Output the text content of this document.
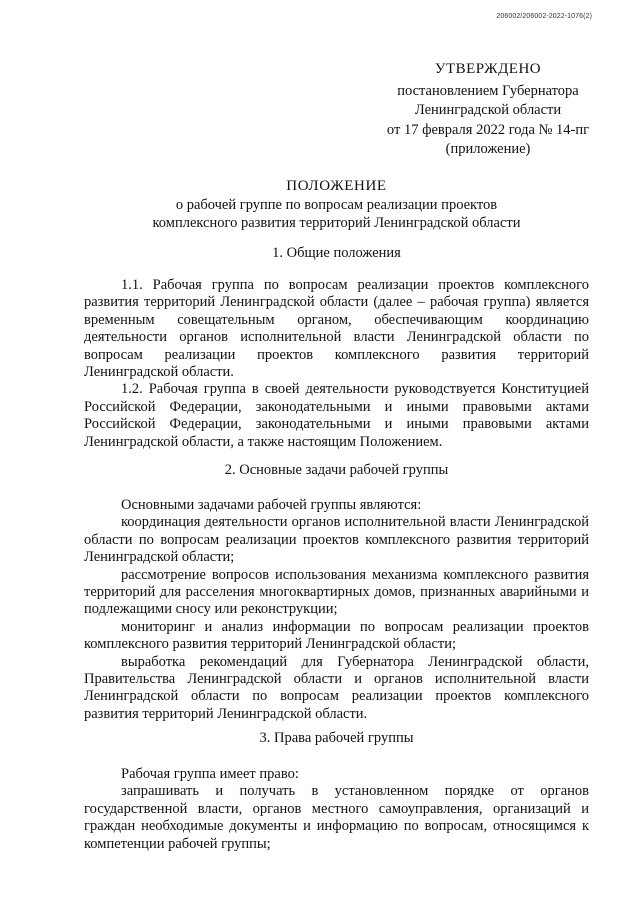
206002/206002-2022-1076(2)
УТВЕРЖДЕНО
постановлением Губернатора
Ленинградской области
от 17 февраля 2022 года № 14-пг
(приложение)
ПОЛОЖЕНИЕ
о рабочей группе по вопросам реализации проектов
комплексного развития территорий Ленинградской области
1. Общие положения

1.1. Рабочая группа по вопросам реализации проектов комплексного развития территорий Ленинградской области (далее – рабочая группа) является временным совещательным органом, обеспечивающим координацию деятельности органов исполнительной власти Ленинградской области по вопросам реализации проектов комплексного развития территорий Ленинградской области.

1.2. Рабочая группа в своей деятельности руководствуется Конституцией Российской Федерации, законодательными и иными правовыми актами Российской Федерации, законодательными и иными правовыми актами Ленинградской области, а также настоящим Положением.

2. Основные задачи рабочей группы

Основными задачами рабочей группы являются:

координация деятельности органов исполнительной власти Ленинградской области по вопросам реализации проектов комплексного развития территорий Ленинградской области;

рассмотрение вопросов использования механизма комплексного развития территорий для расселения многоквартирных домов, признанных аварийными и подлежащими сносу или реконструкции;

мониторинг и анализ информации по вопросам реализации проектов комплексного развития территорий Ленинградской области;

выработка рекомендаций для Губернатора Ленинградской области, Правительства Ленинградской области и органов исполнительной власти Ленинградской области по вопросам реализации проектов комплексного развития территорий Ленинградской области.

3. Права рабочей группы

Рабочая группа имеет право:

запрашивать и получать в установленном порядке от органов государственной власти, органов местного самоуправления, организаций и граждан необходимые документы и информацию по вопросам, относящимся к компетенции рабочей группы;
